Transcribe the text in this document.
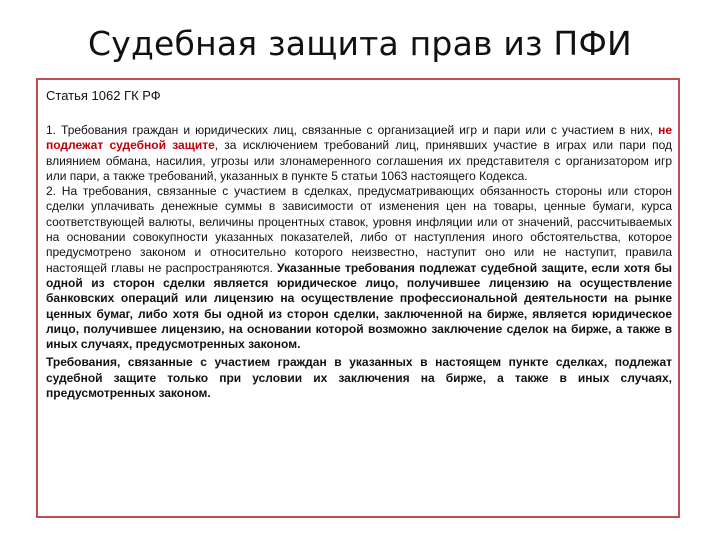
Судебная защита прав из ПФИ
Статья 1062 ГК РФ

1. Требования граждан и юридических лиц, связанные с организацией игр и пари или с участием в них, не подлежат судебной защите, за исключением требований лиц, принявших участие в играх или пари под влиянием обмана, насилия, угрозы или злонамеренного соглашения их представителя с организатором игр или пари, а также требований, указанных в пункте 5 статьи 1063 настоящего Кодекса.

2. На требования, связанные с участием в сделках, предусматривающих обязанность стороны или сторон сделки уплачивать денежные суммы в зависимости от изменения цен на товары, ценные бумаги, курса соответствующей валюты, величины процентных ставок, уровня инфляции или от значений, рассчитываемых на основании совокупности указанных показателей, либо от наступления иного обстоятельства, которое предусмотрено законом и относительно которого неизвестно, наступит оно или не наступит, правила настоящей главы не распространяются. Указанные требования подлежат судебной защите, если хотя бы одной из сторон сделки является юридическое лицо, получившее лицензию на осуществление банковских операций или лицензию на осуществление профессиональной деятельности на рынке ценных бумаг, либо хотя бы одной из сторон сделки, заключенной на бирже, является юридическое лицо, получившее лицензию, на основании которой возможно заключение сделок на бирже, а также в иных случаях, предусмотренных законом.

Требования, связанные с участием граждан в указанных в настоящем пункте сделках, подлежат судебной защите только при условии их заключения на бирже, а также в иных случаях, предусмотренных законом.
